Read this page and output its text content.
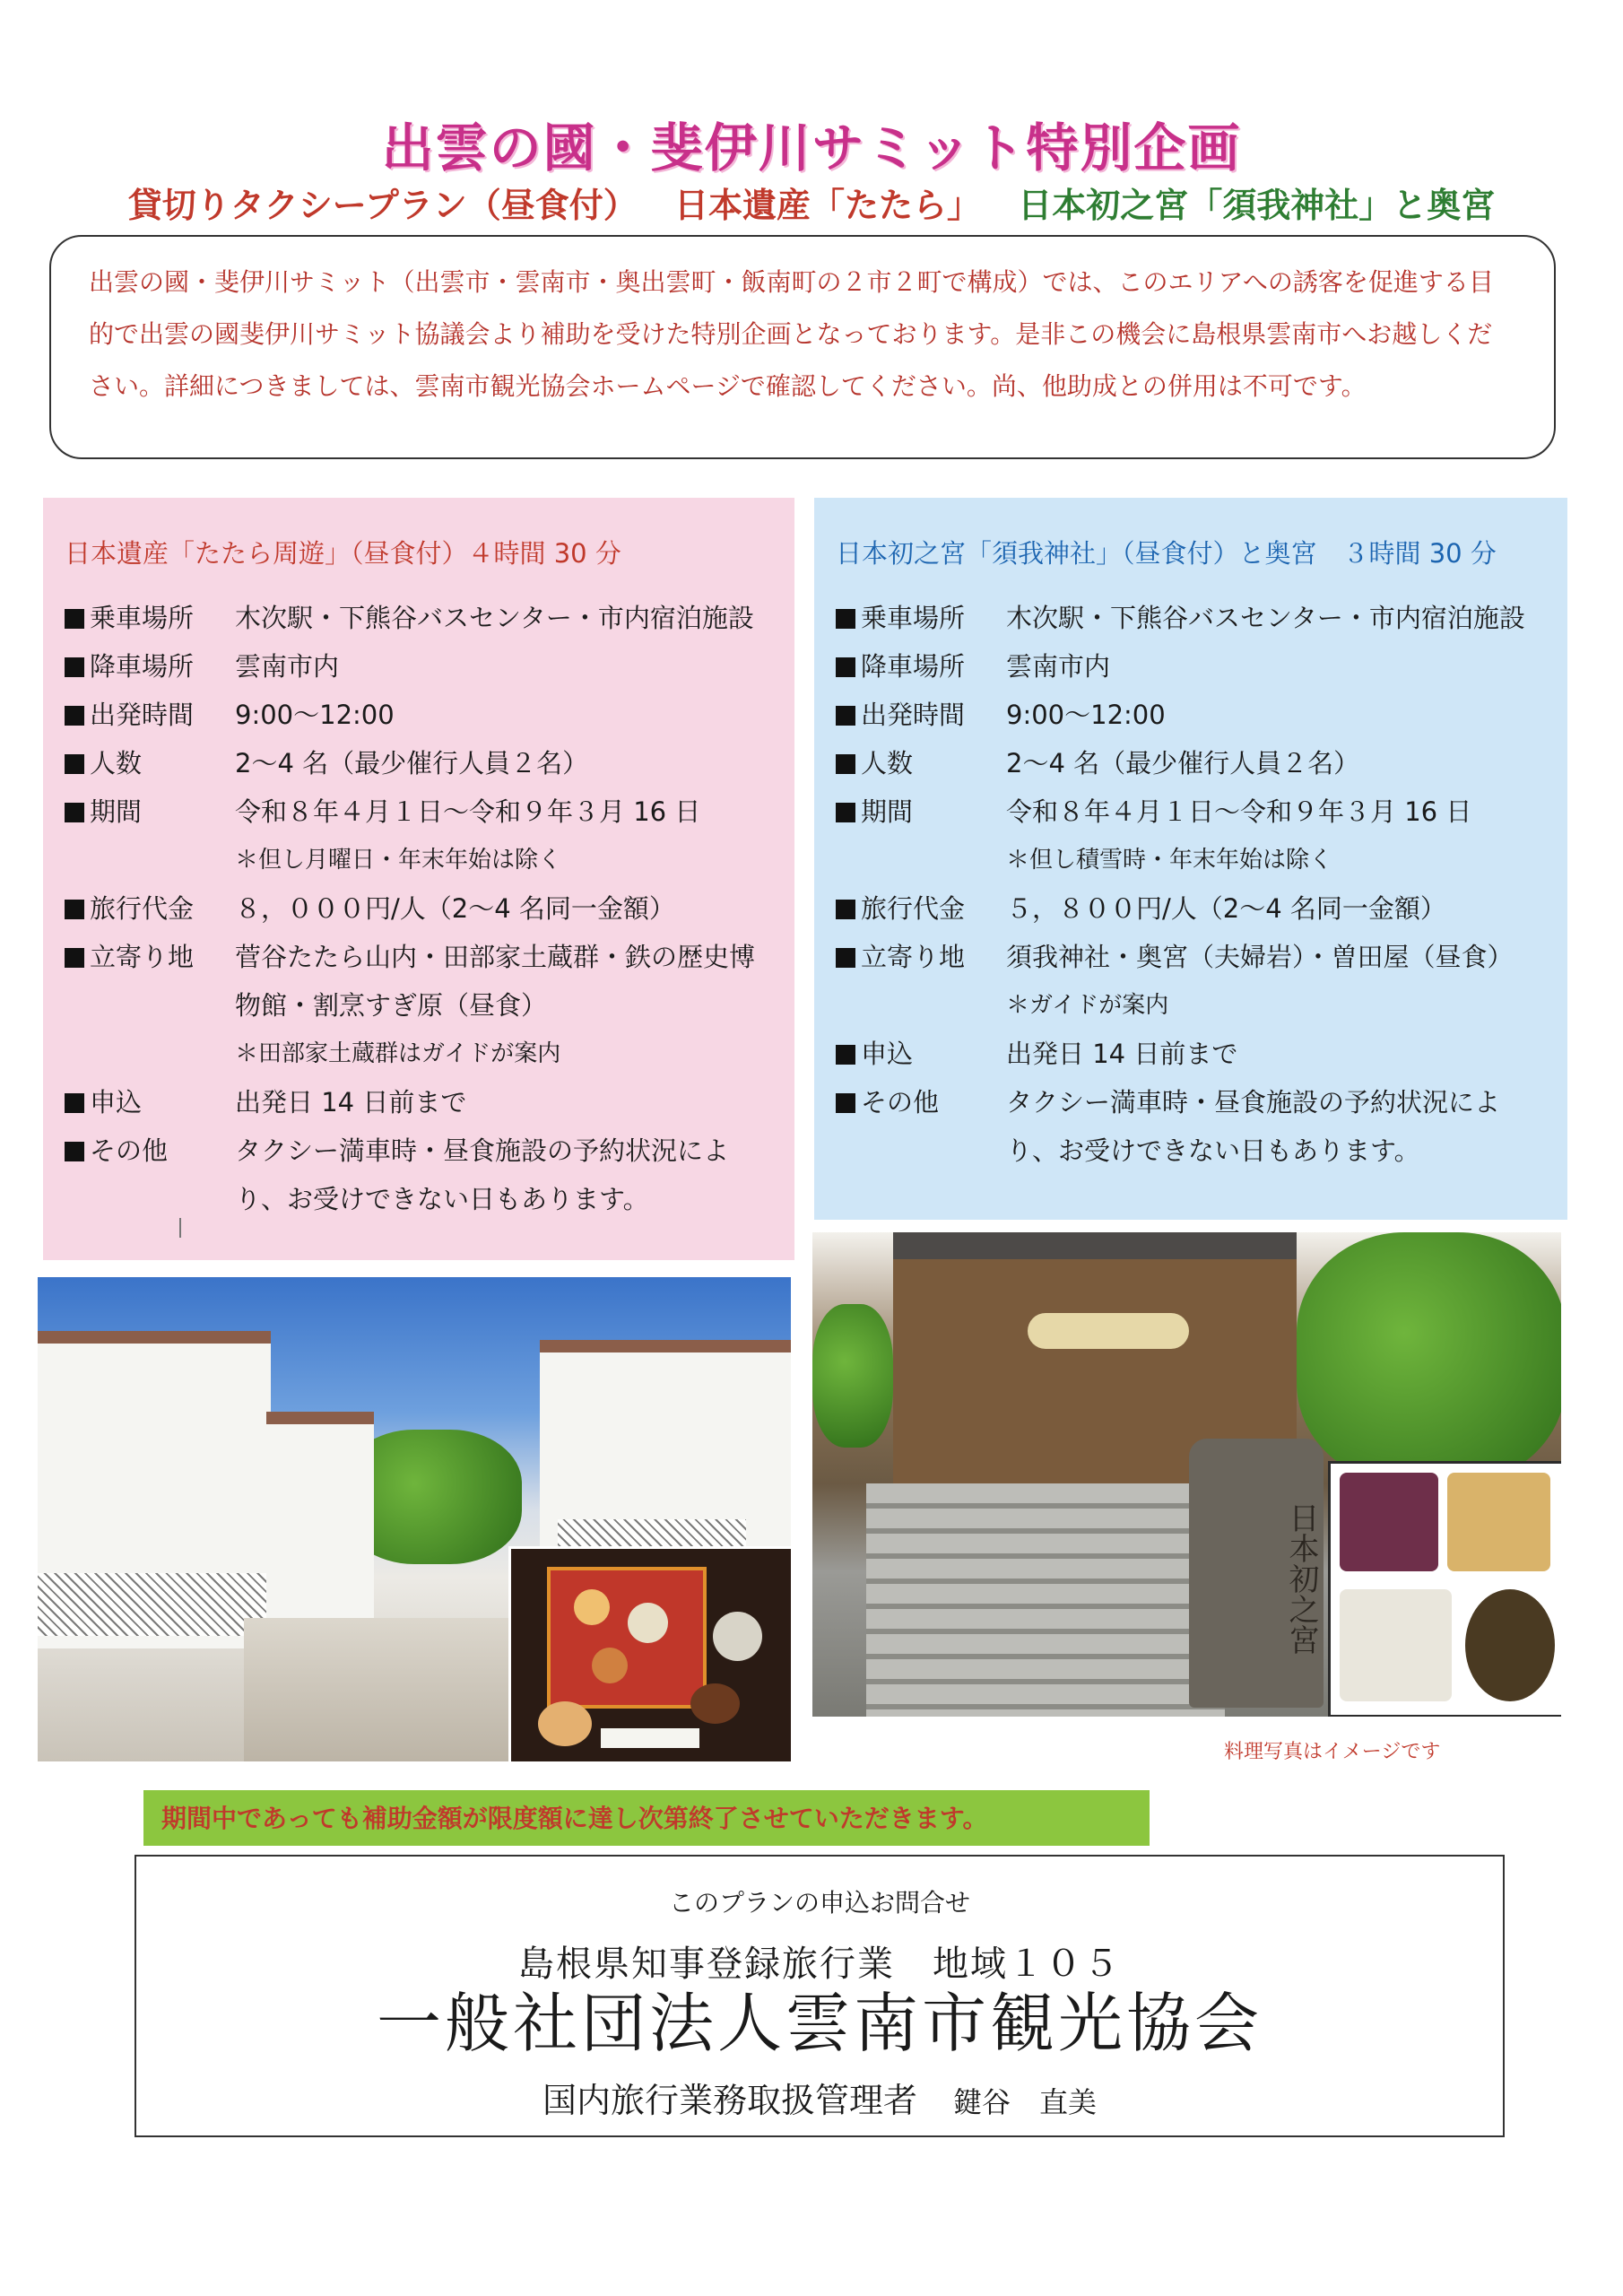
出雲の國・斐伊川サミット特別企画
貸切りタクシープラン（昼食付） 日本遺産「たたら」 日本初之宮「須我神社」と奥宮
出雲の國・斐伊川サミット（出雲市・雲南市・奥出雲町・飯南町の２市２町で構成）では、このエリアへの誘客を促進する目的で出雲の國斐伊川サミット協議会より補助を受けた特別企画となっております。是非この機会に島根県雲南市へお越しください。詳細につきましては、雲南市観光協会ホームページで確認してください。尚、他助成との併用は不可です。
日本遺産「たたら周遊」（昼食付）４時間 30 分
乗車場所	木次駅・下熊谷バスセンター・市内宿泊施設
降車場所	雲南市内
出発時間	9:00～12:00
人数	2～4 名（最少催行人員２名）
期間	令和８年４月１日～令和９年３月 16 日
＊但し月曜日・年末年始は除く
旅行代金	８，０００円/人（2～4 名同一金額）
立寄り地	菅谷たたら山内・田部家土蔵群・鉄の歴史博物館・割烹すぎ原（昼食）
＊田部家土蔵群はガイドが案内
申込	出発日 14 日前まで
その他	タクシー満車時・昼食施設の予約状況により、お受けできない日もあります。
日本初之宮「須我神社」（昼食付）と奥宮　３時間 30 分
乗車場所	木次駅・下熊谷バスセンター・市内宿泊施設
降車場所	雲南市内
出発時間	9:00～12:00
人数	2～4 名（最少催行人員２名）
期間	令和８年４月１日～令和９年３月 16 日
＊但し積雪時・年末年始は除く
旅行代金	５，８００円/人（2～4 名同一金額）
立寄り地	須我神社・奥宮（夫婦岩）・曽田屋（昼食）
＊ガイドが案内
申込	出発日 14 日前まで
その他	タクシー満車時・昼食施設の予約状況により、お受けできない日もあります。
日本初之宮
料理写真はイメージです
期間中であっても補助金額が限度額に達し次第終了させていただきます。
このプランの申込お問合せ
島根県知事登録旅行業　地域１０５
一般社団法人雲南市観光協会
国内旅行業務取扱管理者 鍵谷　直美
